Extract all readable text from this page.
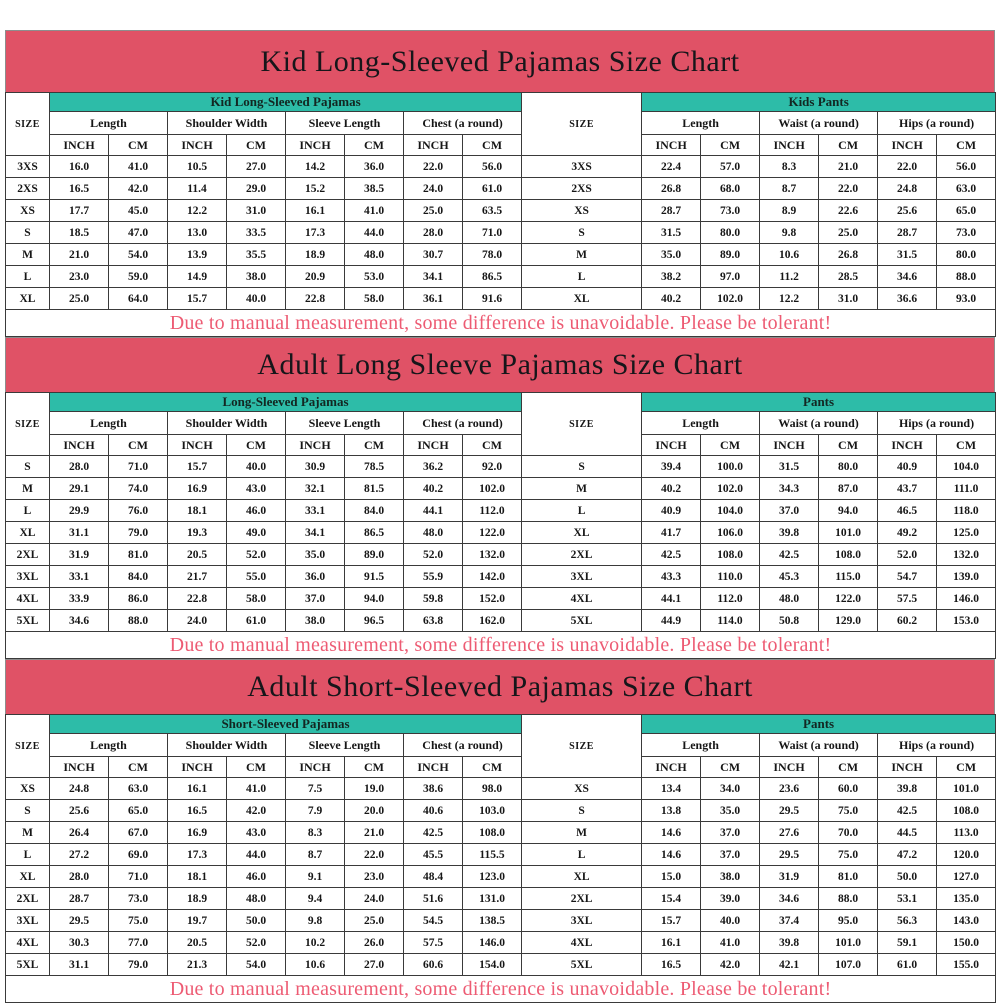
Kid Long-Sleeved Pajamas Size Chart
SIZE	Kid Long-Sleeved Pajamas								SIZE	Kids Pants					
	Length		Shoulder Width		Sleeve Length		Chest (a round)			Length		Waist (a round)		Hips (a round)	
	INCH	CM	INCH	CM	INCH	CM	INCH	CM		INCH	CM	INCH	CM	INCH	CM
3XS	16.0	41.0	10.5	27.0	14.2	36.0	22.0	56.0	3XS	22.4	57.0	8.3	21.0	22.0	56.0
2XS	16.5	42.0	11.4	29.0	15.2	38.5	24.0	61.0	2XS	26.8	68.0	8.7	22.0	24.8	63.0
XS	17.7	45.0	12.2	31.0	16.1	41.0	25.0	63.5	XS	28.7	73.0	8.9	22.6	25.6	65.0
S	18.5	47.0	13.0	33.5	17.3	44.0	28.0	71.0	S	31.5	80.0	9.8	25.0	28.7	73.0
M	21.0	54.0	13.9	35.5	18.9	48.0	30.7	78.0	M	35.0	89.0	10.6	26.8	31.5	80.0
L	23.0	59.0	14.9	38.0	20.9	53.0	34.1	86.5	L	38.2	97.0	11.2	28.5	34.6	88.0
XL	25.0	64.0	15.7	40.0	22.8	58.0	36.1	91.6	XL	40.2	102.0	12.2	31.0	36.6	93.0
Due to manual measurement, some difference is unavoidable. Please be tolerant!															
Adult Long Sleeve Pajamas Size Chart
SIZE	Long-Sleeved Pajamas								SIZE	Pants					
	Length		Shoulder Width		Sleeve Length		Chest (a round)			Length		Waist (a round)		Hips (a round)	
	INCH	CM	INCH	CM	INCH	CM	INCH	CM		INCH	CM	INCH	CM	INCH	CM
S	28.0	71.0	15.7	40.0	30.9	78.5	36.2	92.0	S	39.4	100.0	31.5	80.0	40.9	104.0
M	29.1	74.0	16.9	43.0	32.1	81.5	40.2	102.0	M	40.2	102.0	34.3	87.0	43.7	111.0
L	29.9	76.0	18.1	46.0	33.1	84.0	44.1	112.0	L	40.9	104.0	37.0	94.0	46.5	118.0
XL	31.1	79.0	19.3	49.0	34.1	86.5	48.0	122.0	XL	41.7	106.0	39.8	101.0	49.2	125.0
2XL	31.9	81.0	20.5	52.0	35.0	89.0	52.0	132.0	2XL	42.5	108.0	42.5	108.0	52.0	132.0
3XL	33.1	84.0	21.7	55.0	36.0	91.5	55.9	142.0	3XL	43.3	110.0	45.3	115.0	54.7	139.0
4XL	33.9	86.0	22.8	58.0	37.0	94.0	59.8	152.0	4XL	44.1	112.0	48.0	122.0	57.5	146.0
5XL	34.6	88.0	24.0	61.0	38.0	96.5	63.8	162.0	5XL	44.9	114.0	50.8	129.0	60.2	153.0
Due to manual measurement, some difference is unavoidable. Please be tolerant!															
Adult Short-Sleeved Pajamas Size Chart
SIZE	Short-Sleeved Pajamas								SIZE	Pants					
	Length		Shoulder Width		Sleeve Length		Chest (a round)			Length		Waist (a round)		Hips (a round)	
	INCH	CM	INCH	CM	INCH	CM	INCH	CM		INCH	CM	INCH	CM	INCH	CM
XS	24.8	63.0	16.1	41.0	7.5	19.0	38.6	98.0	XS	13.4	34.0	23.6	60.0	39.8	101.0
S	25.6	65.0	16.5	42.0	7.9	20.0	40.6	103.0	S	13.8	35.0	29.5	75.0	42.5	108.0
M	26.4	67.0	16.9	43.0	8.3	21.0	42.5	108.0	M	14.6	37.0	27.6	70.0	44.5	113.0
L	27.2	69.0	17.3	44.0	8.7	22.0	45.5	115.5	L	14.6	37.0	29.5	75.0	47.2	120.0
XL	28.0	71.0	18.1	46.0	9.1	23.0	48.4	123.0	XL	15.0	38.0	31.9	81.0	50.0	127.0
2XL	28.7	73.0	18.9	48.0	9.4	24.0	51.6	131.0	2XL	15.4	39.0	34.6	88.0	53.1	135.0
3XL	29.5	75.0	19.7	50.0	9.8	25.0	54.5	138.5	3XL	15.7	40.0	37.4	95.0	56.3	143.0
4XL	30.3	77.0	20.5	52.0	10.2	26.0	57.5	146.0	4XL	16.1	41.0	39.8	101.0	59.1	150.0
5XL	31.1	79.0	21.3	54.0	10.6	27.0	60.6	154.0	5XL	16.5	42.0	42.1	107.0	61.0	155.0
Due to manual measurement, some difference is unavoidable. Please be tolerant!															
